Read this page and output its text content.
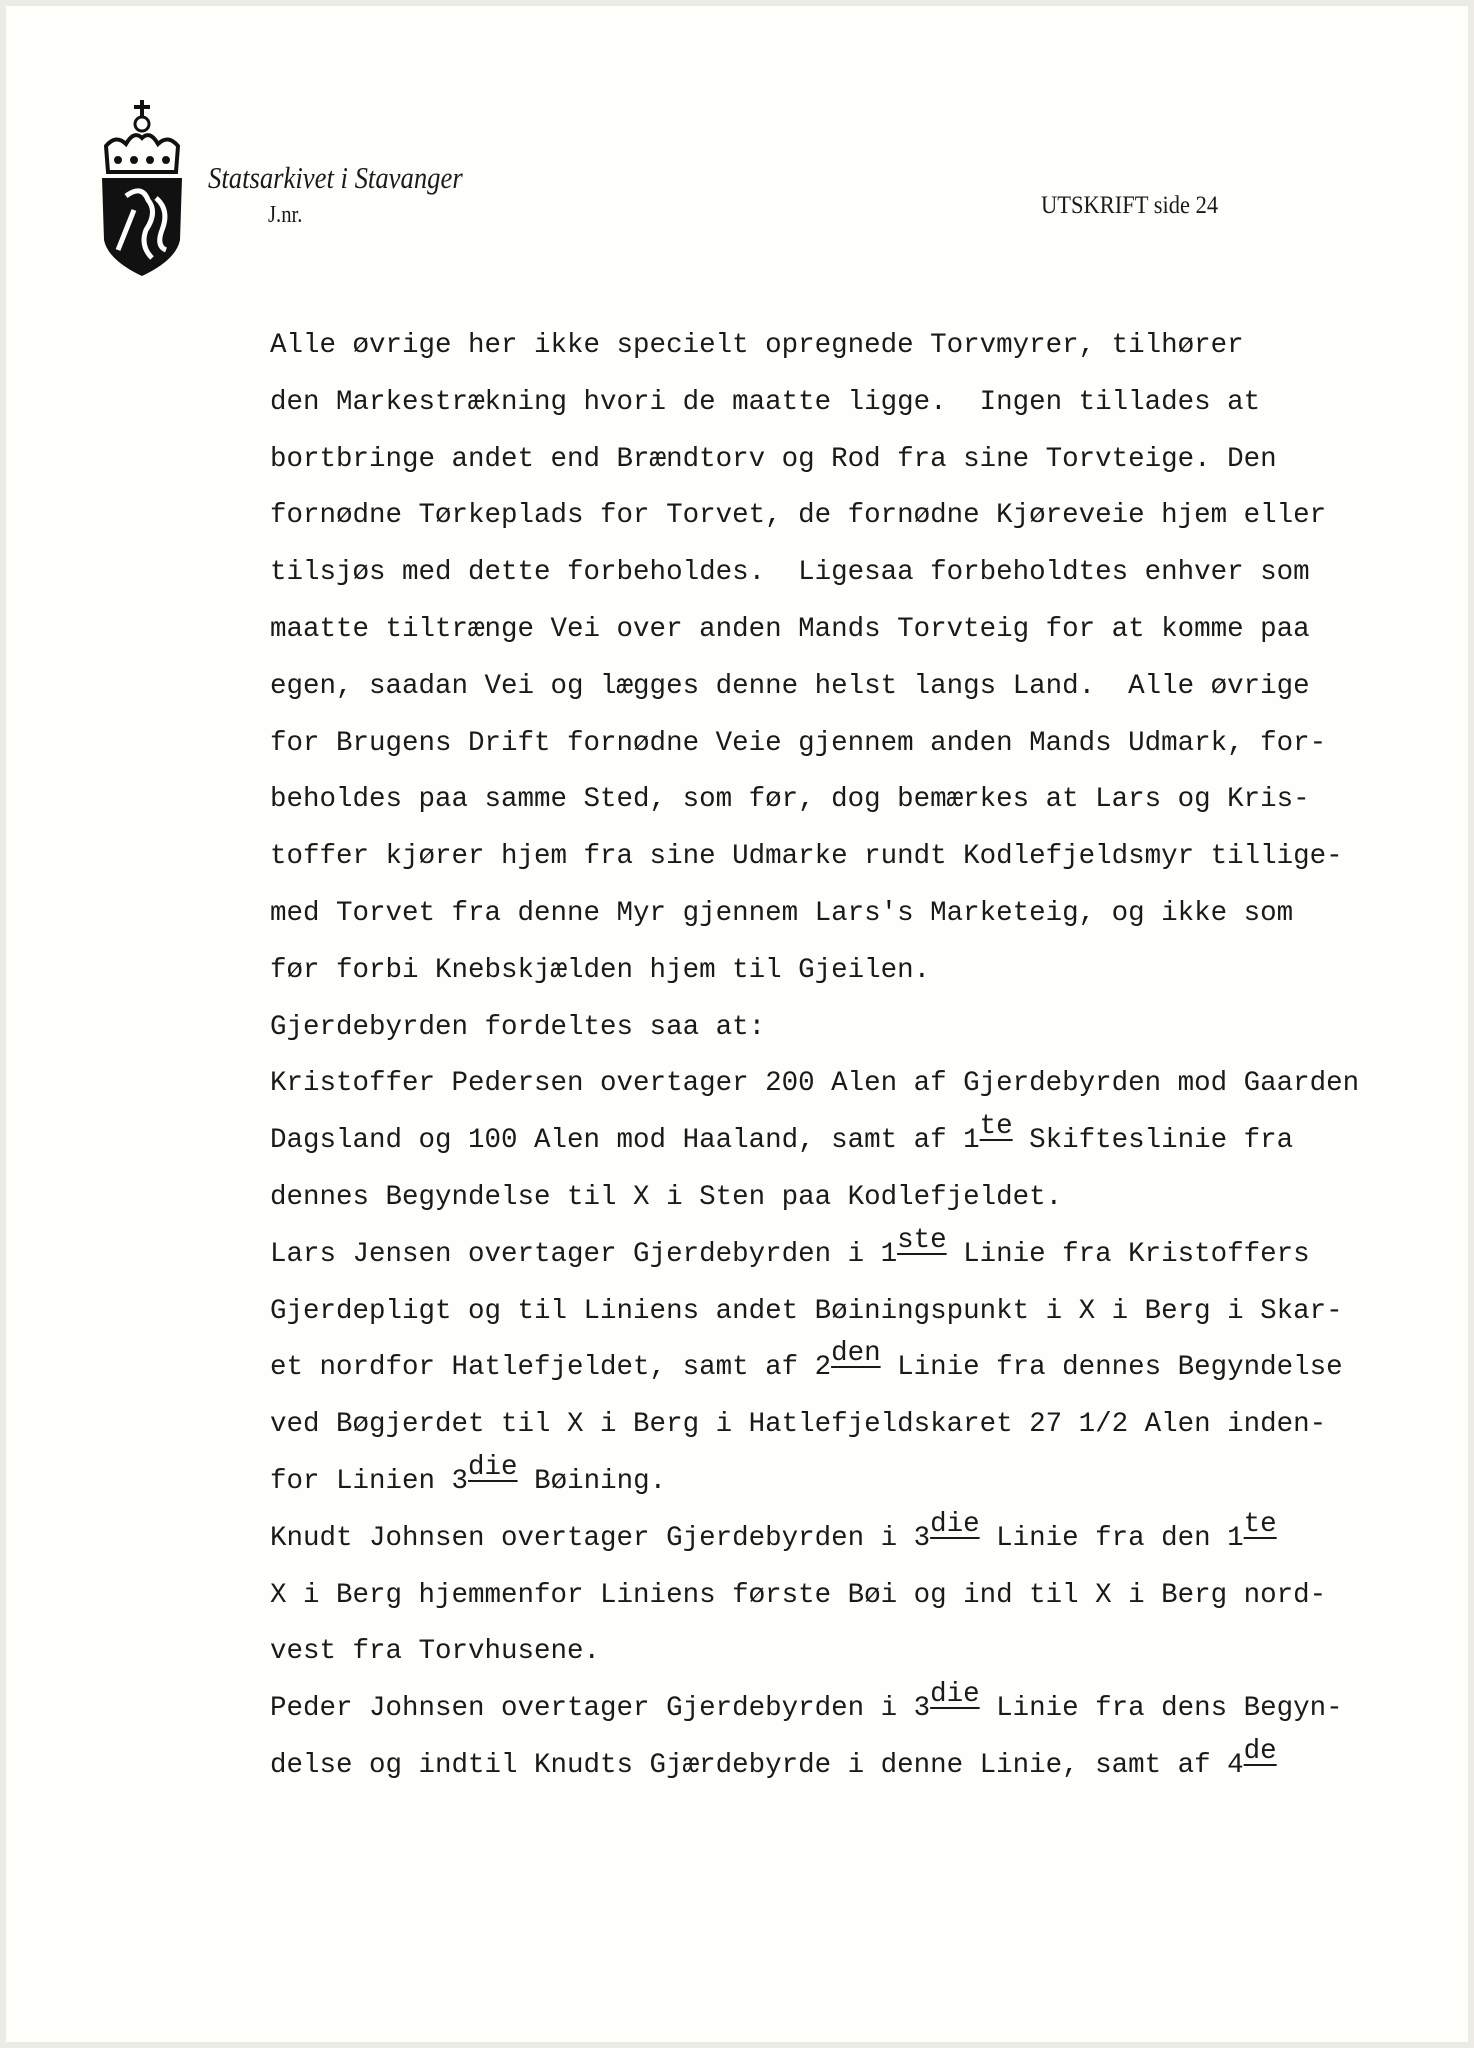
Statsarkivet i Stavanger
J.nr.	UTSKRIFT side 24
Alle øvrige her ikke specielt opregnede Torvmyrer, tilhører
den Markestrækning hvori de maatte ligge.  Ingen tillades at
bortbringe andet end Brændtorv og Rod fra sine Torvteige. Den
fornødne Tørkeplads for Torvet, de fornødne Kjøreveie hjem eller
tilsjøs med dette forbeholdes.  Ligesaa forbeholdtes enhver som
maatte tiltrænge Vei over anden Mands Torvteig for at komme paa
egen, saadan Vei og lægges denne helst langs Land.  Alle øvrige
for Brugens Drift fornødne Veie gjennem anden Mands Udmark, for-
beholdes paa samme Sted, som før, dog bemærkes at Lars og Kris-
toffer kjører hjem fra sine Udmarke rundt Kodlefjeldsmyr tillige-
med Torvet fra denne Myr gjennem Lars's Marketeig, og ikke som
før forbi Knebskjælden hjem til Gjeilen.
Gjerdebyrden fordeltes saa at:
Kristoffer Pedersen overtager 200 Alen af Gjerdebyrden mod Gaarden
Dagsland og 100 Alen mod Haaland, samt af 1te Skifteslinie fra
dennes Begyndelse til X i Sten paa Kodlefjeldet.
Lars Jensen overtager Gjerdebyrden i 1ste Linie fra Kristoffers
Gjerdepligt og til Liniens andet Bøiningspunkt i X i Berg i Skar-
et nordfor Hatlefjeldet, samt af 2den Linie fra dennes Begyndelse
ved Bøgjerdet til X i Berg i Hatlefjeldskaret 27 1/2 Alen inden-
for Linien 3die Bøining.
Knudt Johnsen overtager Gjerdebyrden i 3die Linie fra den 1te
X i Berg hjemmenfor Liniens første Bøi og ind til X i Berg nord-
vest fra Torvhusene.
Peder Johnsen overtager Gjerdebyrden i 3die Linie fra dens Begyn-
delse og indtil Knudts Gjærdebyrde i denne Linie, samt af 4de
